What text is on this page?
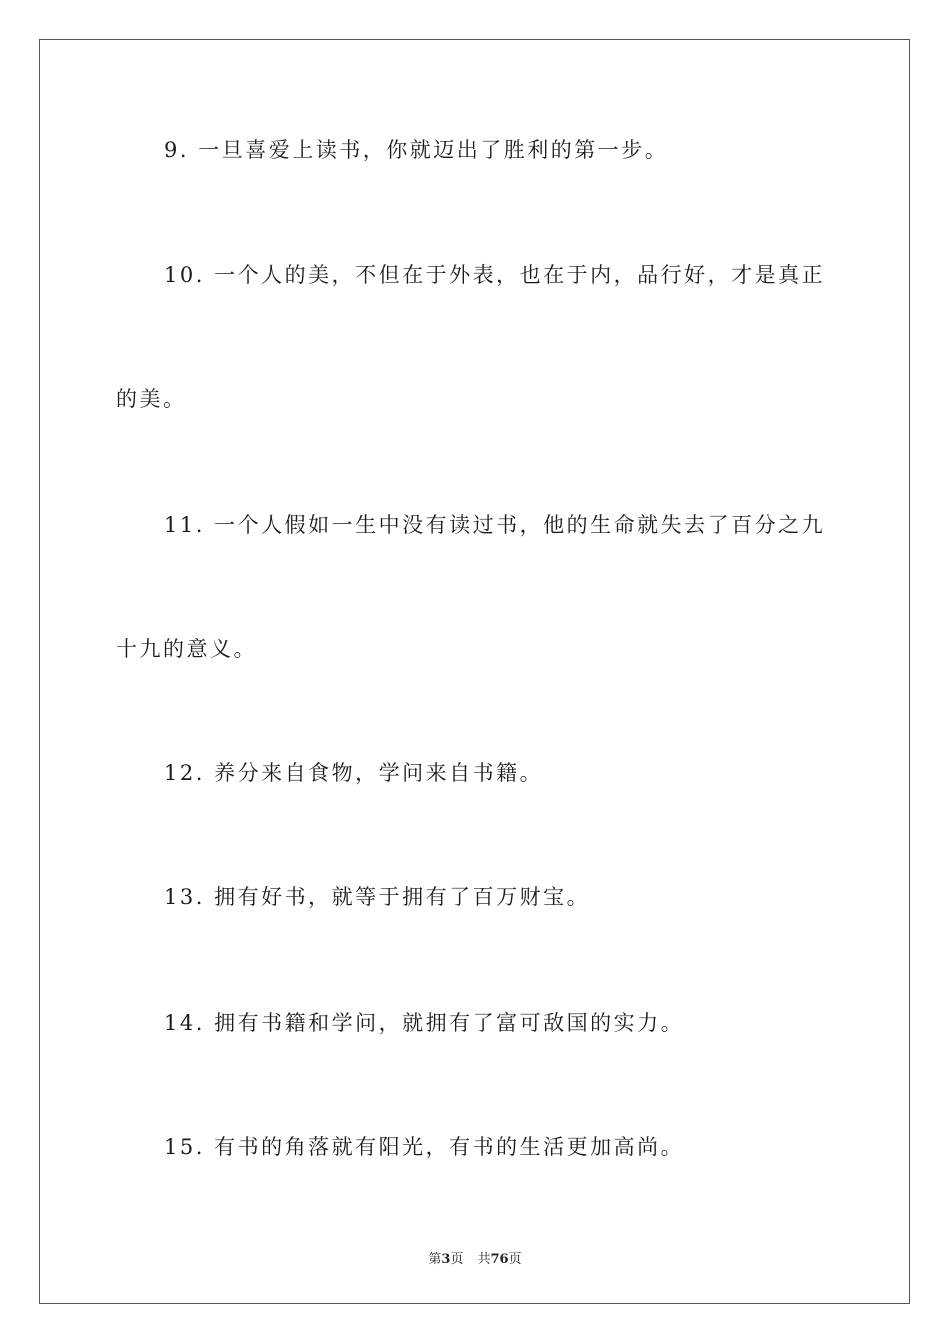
9. 一旦喜爱上读书，你就迈出了胜利的第一步。
10. 一个人的美，不但在于外表，也在于内，品行好，才是真正
的美。
11. 一个人假如一生中没有读过书，他的生命就失去了百分之九
十九的意义。
12. 养分来自食物，学问来自书籍。
13. 拥有好书，就等于拥有了百万财宝。
14. 拥有书籍和学问，就拥有了富可敌国的实力。
15. 有书的角落就有阳光，有书的生活更加高尚。
第3页 共76页
